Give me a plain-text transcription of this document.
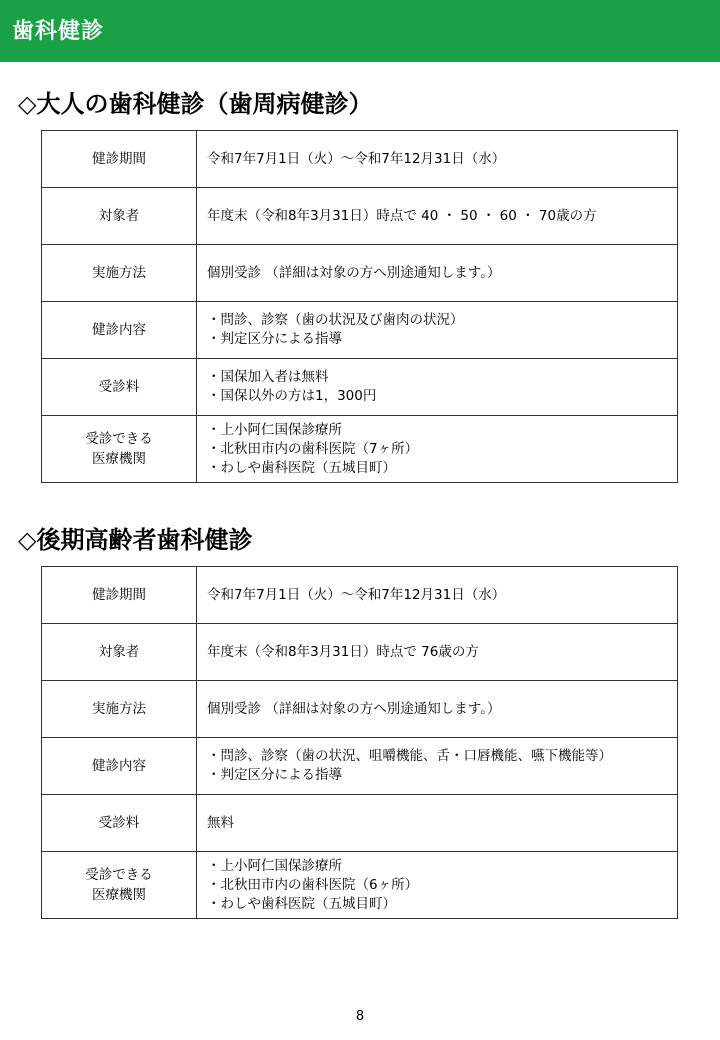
歯科健診
◇大人の歯科健診（歯周病健診）
健診期間	令和7年7月1日（火）～令和7年12月31日（水）

対象者	年度末（令和8年3月31日）時点で 40 ・ 50 ・ 60 ・ 70歳の方

実施方法	個別受診 （詳細は対象の方へ別途通知します。）

健診内容	・問診、診察（歯の状況及び歯肉の状況）
・判定区分による指導

受診料	・国保加入者は無料
・国保以外の方は1，300円

受診できる
医療機関	・上小阿仁国保診療所
・北秋田市内の歯科医院（7ヶ所）
・わしや歯科医院（五城目町）
◇後期高齢者歯科健診
健診期間	令和7年7月1日（火）～令和7年12月31日（水）

対象者	年度末（令和8年3月31日）時点で 76歳の方

実施方法	個別受診 （詳細は対象の方へ別途通知します。）

健診内容	・問診、診察（歯の状況、咀嚼機能、舌・口唇機能、嚥下機能等）
・判定区分による指導

受診料	無料

受診できる
医療機関	・上小阿仁国保診療所
・北秋田市内の歯科医院（6ヶ所）
・わしや歯科医院（五城目町）
8
